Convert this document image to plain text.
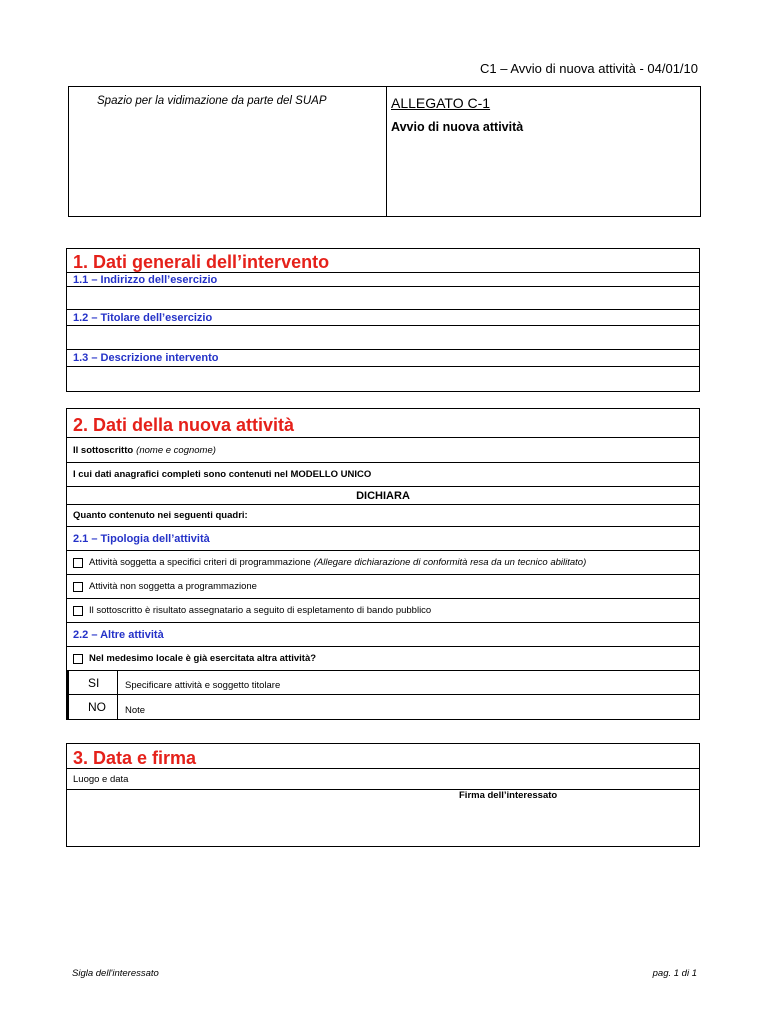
C1 – Avvio di nuova attività - 04/01/10
Spazio per la vidimazione da parte del SUAP	ALLEGATO C-1
Avvio di nuova attività
1. Dati generali dell’intervento
1.1 – Indirizzo dell’esercizio
1.2 – Titolare dell’esercizio
1.3 – Descrizione intervento
2. Dati della nuova attività
Il sottoscritto (nome e cognome)
I cui dati anagrafici completi sono contenuti nel MODELLO UNICO
DICHIARA
Quanto contenuto nei seguenti quadri:
2.1 – Tipologia dell’attività
Attività soggetta a specifici criteri di programmazione (Allegare dichiarazione di conformità resa da un tecnico abilitato)
Attività non soggetta a programmazione
Il sottoscritto è risultato assegnatario a seguito di espletamento di bando pubblico
2.2 – Altre attività
Nel medesimo locale è già esercitata altra attività?
SI	Specificare attività e soggetto titolare
NO	Note
3. Data e firma
Luogo e data
Firma dell’interessato
Sigla dell'interessato	pag. 1 di 1
